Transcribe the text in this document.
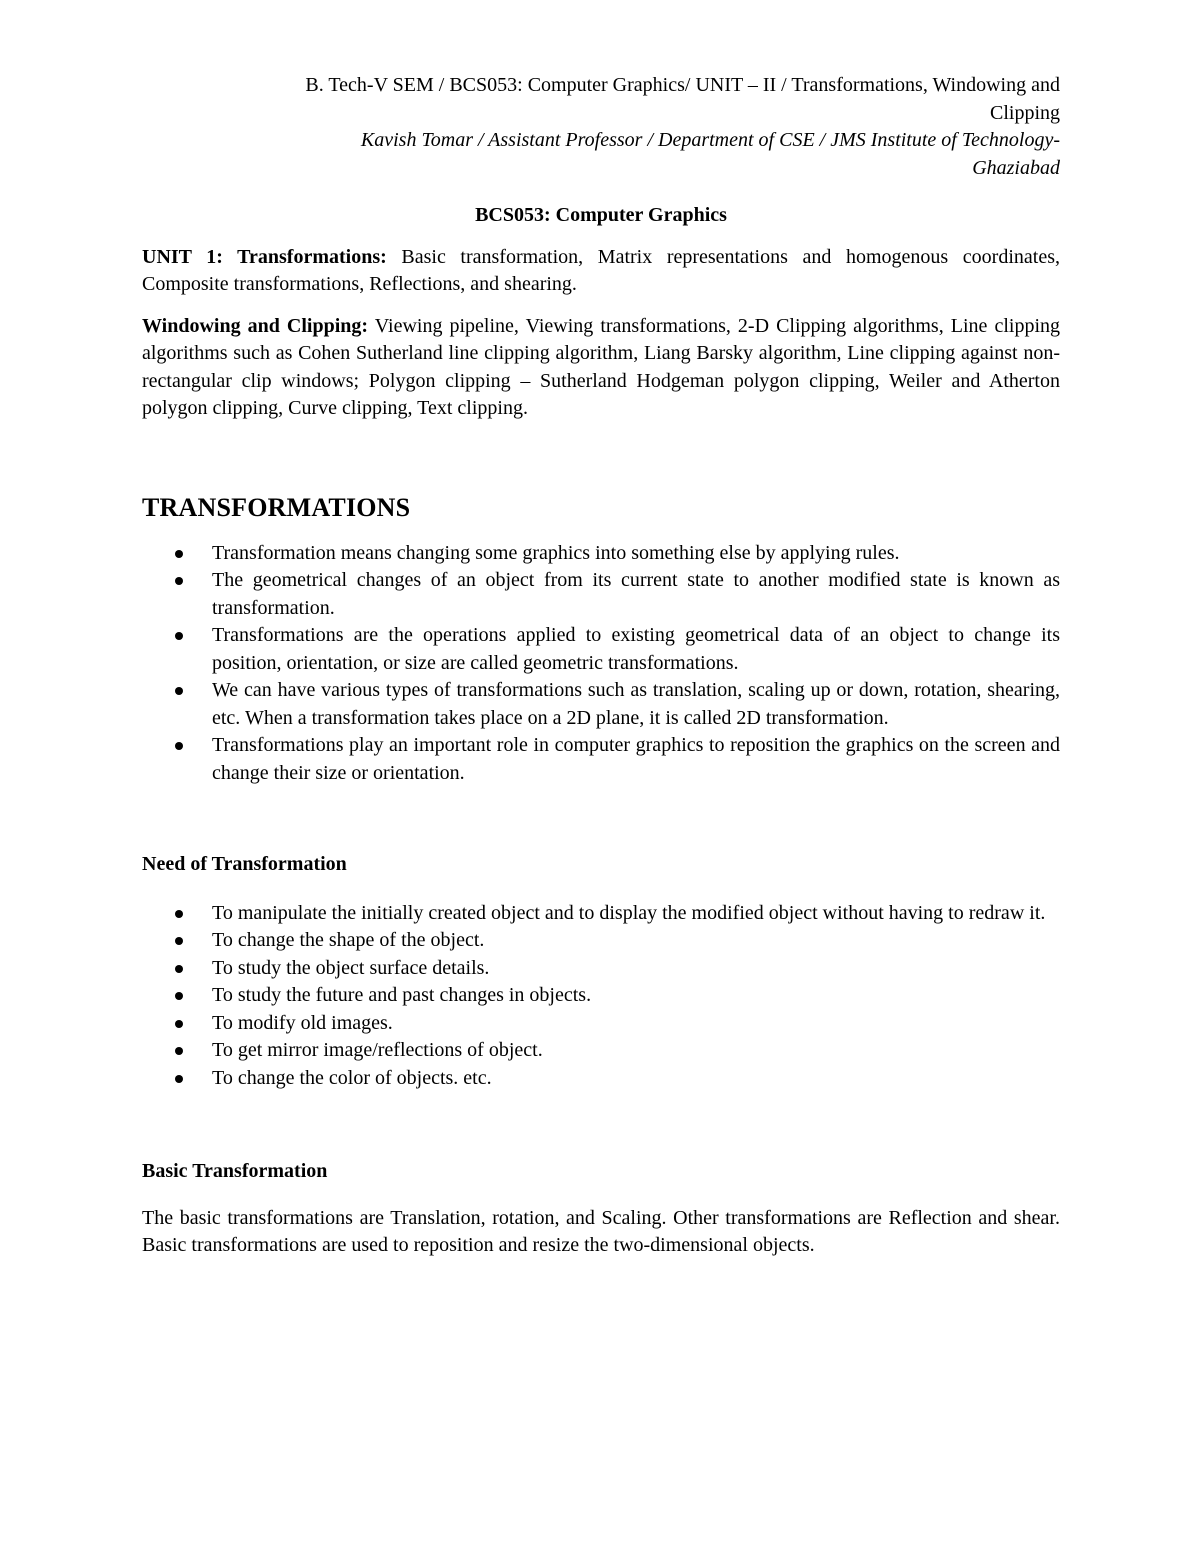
B. Tech-V SEM / BCS053: Computer Graphics/ UNIT – II / Transformations, Windowing and

Clipping

Kavish Tomar / Assistant Professor / Department of CSE / JMS Institute of Technology-

Ghaziabad

BCS053: Computer Graphics

UNIT 1: Transformations: Basic transformation, Matrix representations and homogenous coordinates, Composite transformations, Reflections, and shearing.

Windowing and Clipping: Viewing pipeline, Viewing transformations, 2-D Clipping algorithms, Line clipping algorithms such as Cohen Sutherland line clipping algorithm, Liang Barsky algorithm, Line clipping against non-rectangular clip windows; Polygon clipping – Sutherland Hodgeman polygon clipping, Weiler and Atherton polygon clipping, Curve clipping, Text clipping.

TRANSFORMATIONS
Transformation means changing some graphics into something else by applying rules.
The geometrical changes of an object from its current state to another modified state is known as transformation.
Transformations are the operations applied to existing geometrical data of an object to change its position, orientation, or size are called geometric transformations.
We can have various types of transformations such as translation, scaling up or down, rotation, shearing, etc. When a transformation takes place on a 2D plane, it is called 2D transformation.
Transformations play an important role in computer graphics to reposition the graphics on the screen and change their size or orientation.

Need of Transformation

To manipulate the initially created object and to display the modified object without having to redraw it.
To change the shape of the object.
To study the object surface details.
To study the future and past changes in objects.
To modify old images.
To get mirror image/reflections of object.
To change the color of objects. etc.

Basic Transformation

The basic transformations are Translation, rotation, and Scaling. Other transformations are Reflection and shear. Basic transformations are used to reposition and resize the two-dimensional objects.
